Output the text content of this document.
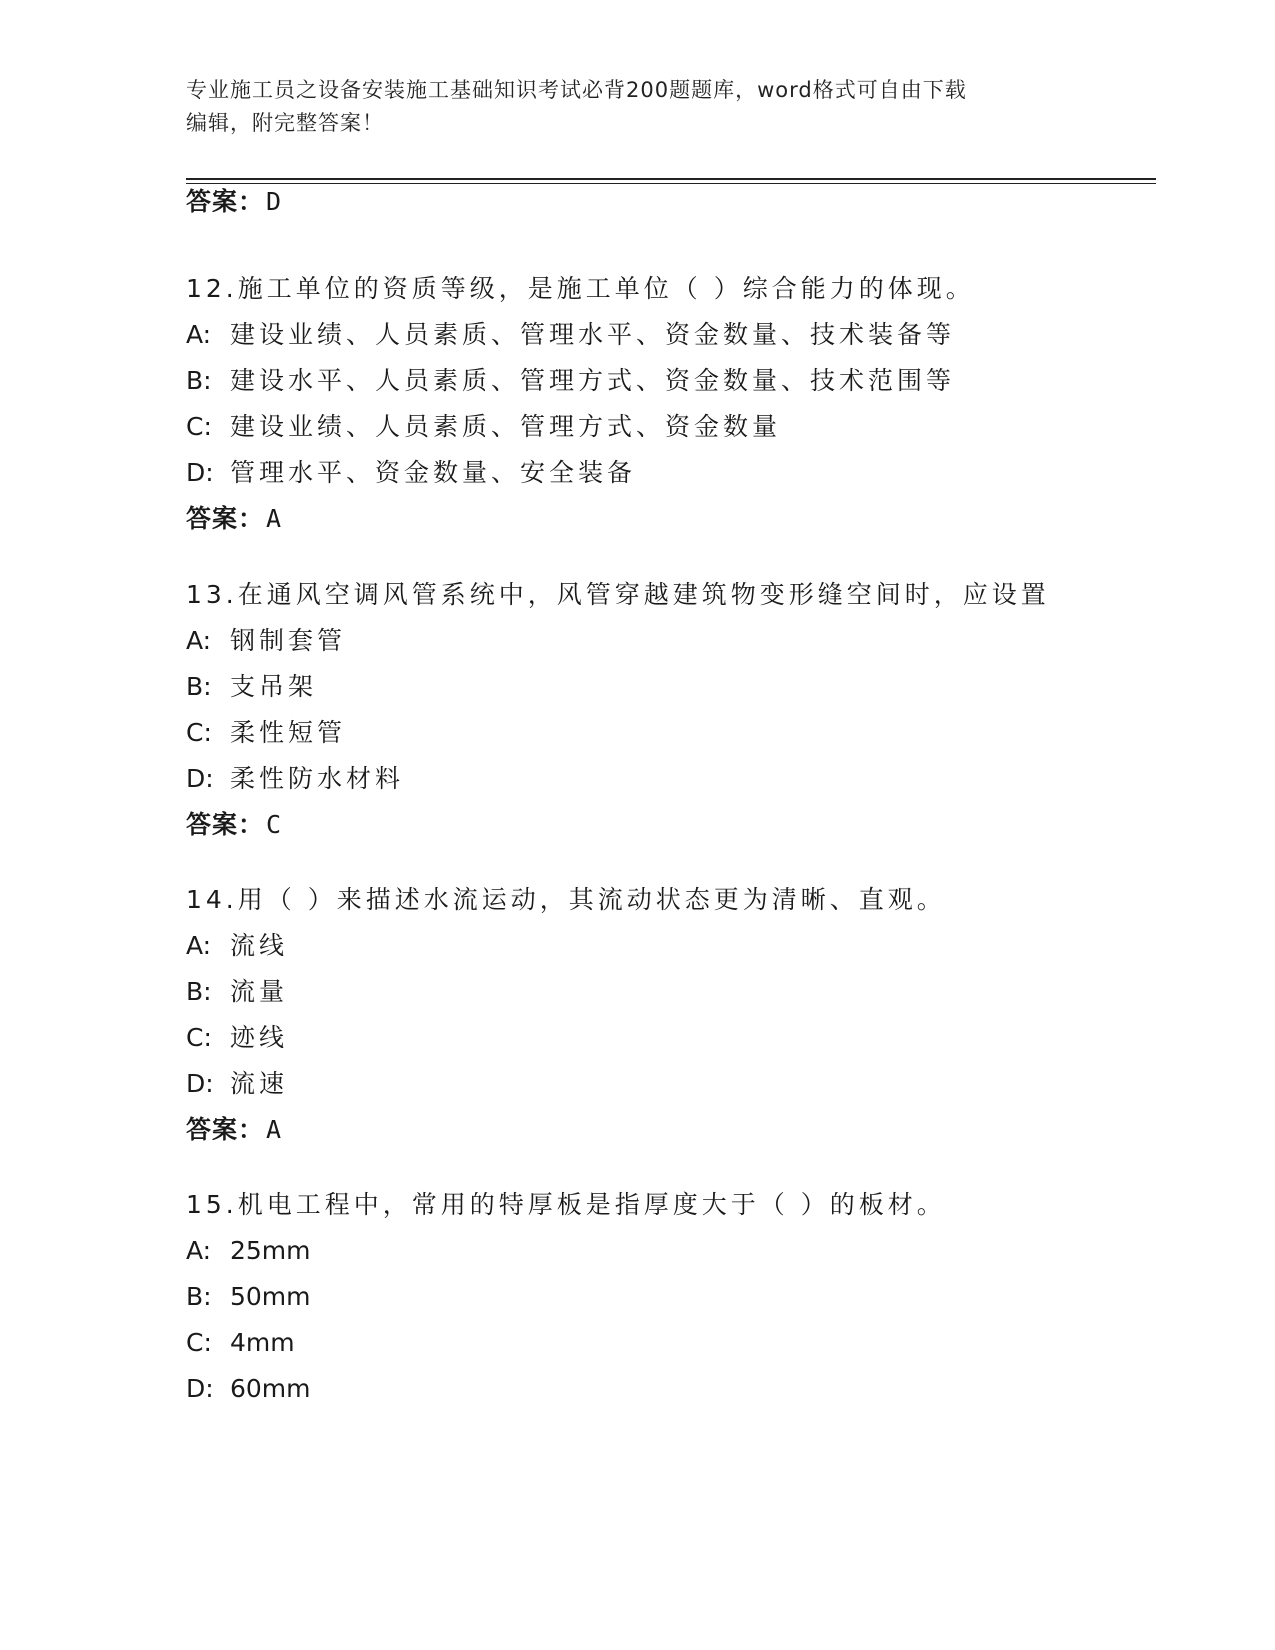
专业施工员之设备安装施工基础知识考试必背200题题库，word格式可自由下载
编辑，附完整答案！
答案：D
12.施工单位的资质等级，是施工单位（ ）综合能力的体现。
A: 建设业绩、人员素质、管理水平、资金数量、技术装备等
B: 建设水平、人员素质、管理方式、资金数量、技术范围等
C: 建设业绩、人员素质、管理方式、资金数量
D: 管理水平、资金数量、安全装备
答案：A
13.在通风空调风管系统中，风管穿越建筑物变形缝空间时，应设置
A: 钢制套管
B: 支吊架
C: 柔性短管
D: 柔性防水材料
答案：C
14.用（ ）来描述水流运动，其流动状态更为清晰、直观。
A: 流线
B: 流量
C: 迹线
D: 流速
答案：A
15.机电工程中，常用的特厚板是指厚度大于（ ）的板材。
A: 25mm
B: 50mm
C: 4mm
D: 60mm
